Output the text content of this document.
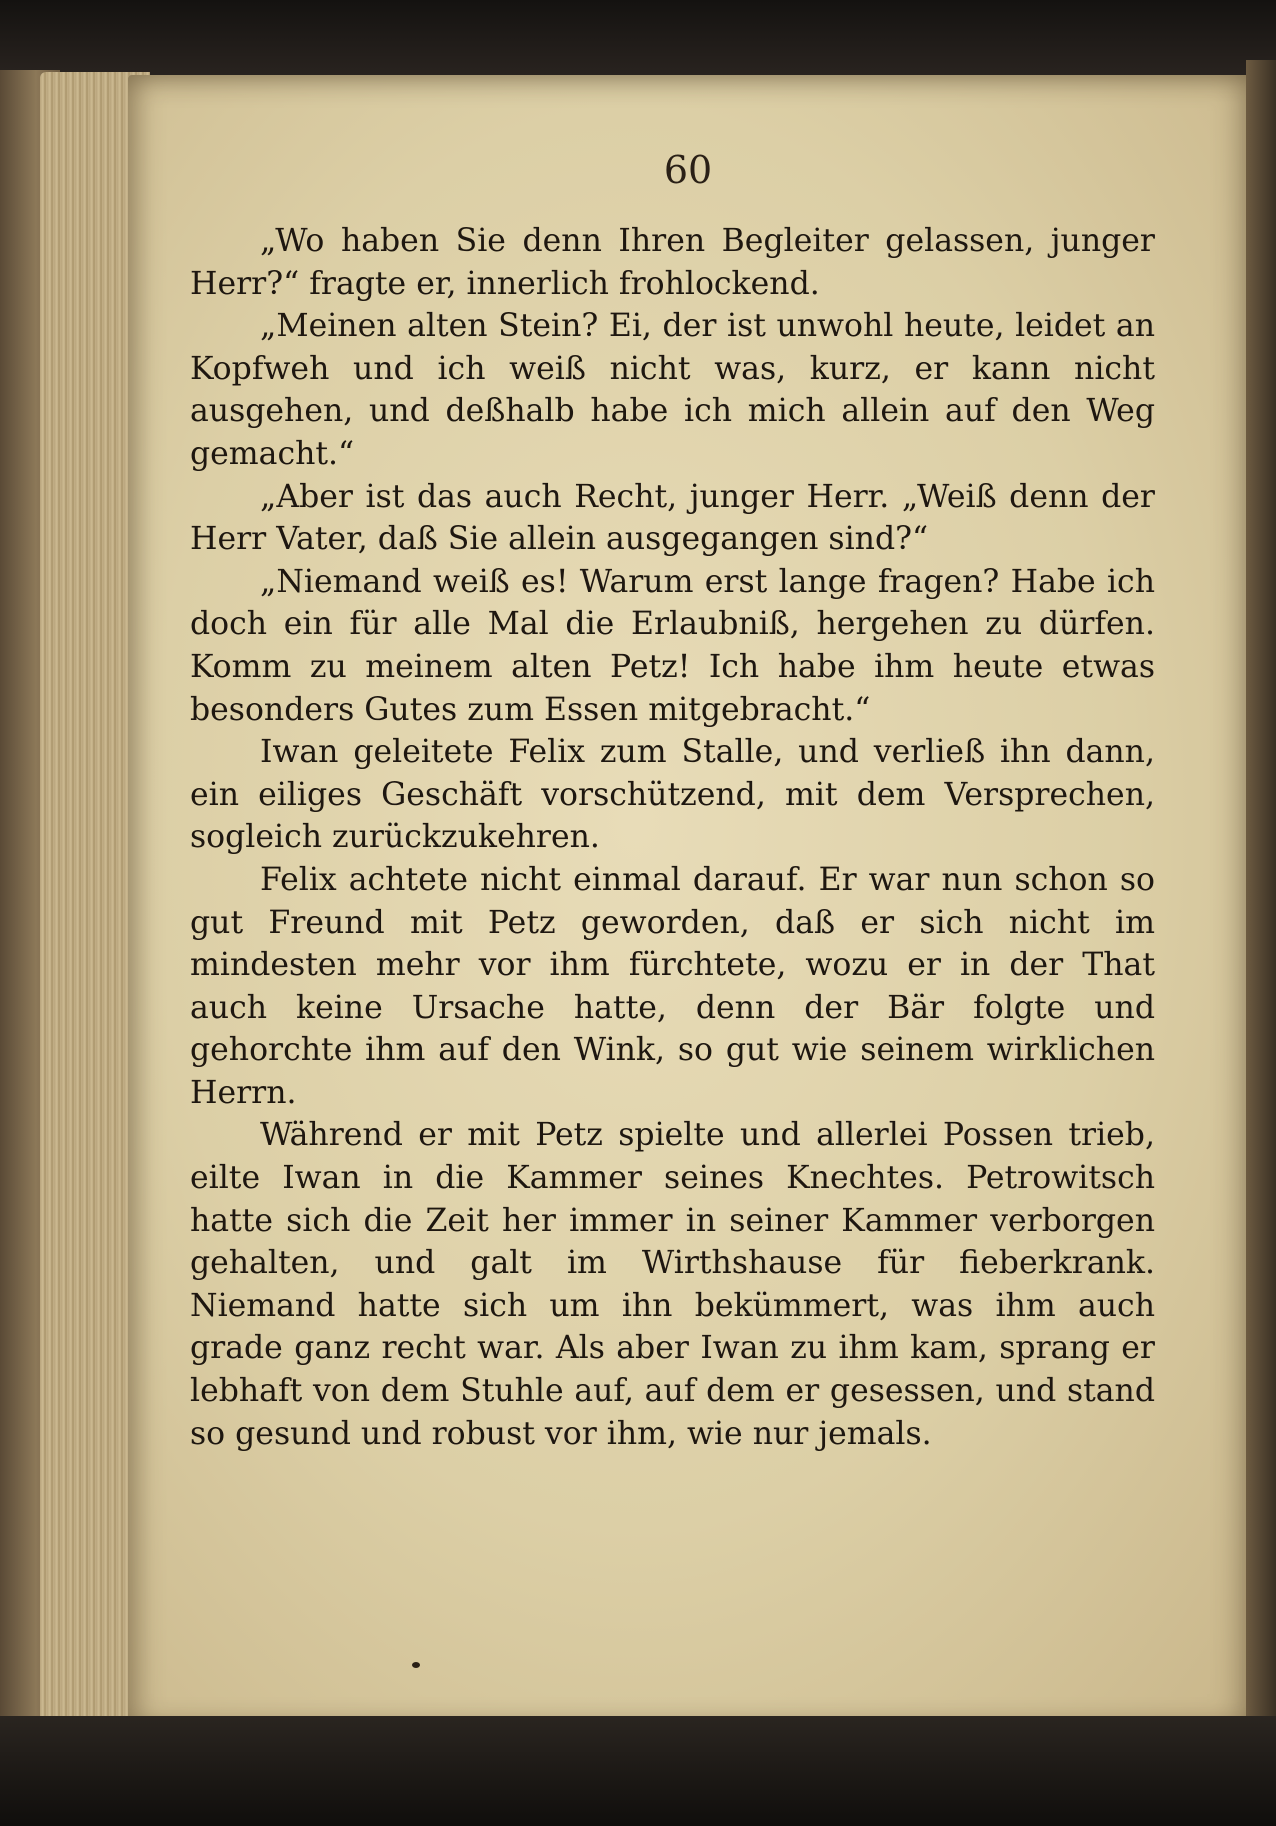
60

„Wo haben Sie denn Ihren Begleiter gelassen, junger Herr?“ fragte er, innerlich frohlockend.

„Meinen alten Stein? Ei, der ist unwohl heute, leidet an Kopfweh und ich weiß nicht was, kurz, er kann nicht ausgehen, und deßhalb habe ich mich allein auf den Weg gemacht.“

„Aber ist das auch Recht, junger Herr. „Weiß denn der Herr Vater, daß Sie allein ausgegangen sind?“

„Niemand weiß es! Warum erst lange fragen? Habe ich doch ein für alle Mal die Erlaubniß, hergehen zu dürfen. Komm zu meinem alten Petz! Ich habe ihm heute etwas besonders Gutes zum Essen mitgebracht.“

Iwan geleitete Felix zum Stalle, und verließ ihn dann, ein eiliges Geschäft vorschützend, mit dem Versprechen, sogleich zurückzukehren.

Felix achtete nicht einmal darauf. Er war nun schon so gut Freund mit Petz geworden, daß er sich nicht im mindesten mehr vor ihm fürchtete, wozu er in der That auch keine Ursache hatte, denn der Bär folgte und gehorchte ihm auf den Wink, so gut wie seinem wirklichen Herrn.

Während er mit Petz spielte und allerlei Possen trieb, eilte Iwan in die Kammer seines Knechtes. Petrowitsch hatte sich die Zeit her immer in seiner Kammer verborgen gehalten, und galt im Wirthshause für fieberkrank. Niemand hatte sich um ihn bekümmert, was ihm auch grade ganz recht war. Als aber Iwan zu ihm kam, sprang er lebhaft von dem Stuhle auf, auf dem er gesessen, und stand so gesund und robust vor ihm, wie nur jemals.
